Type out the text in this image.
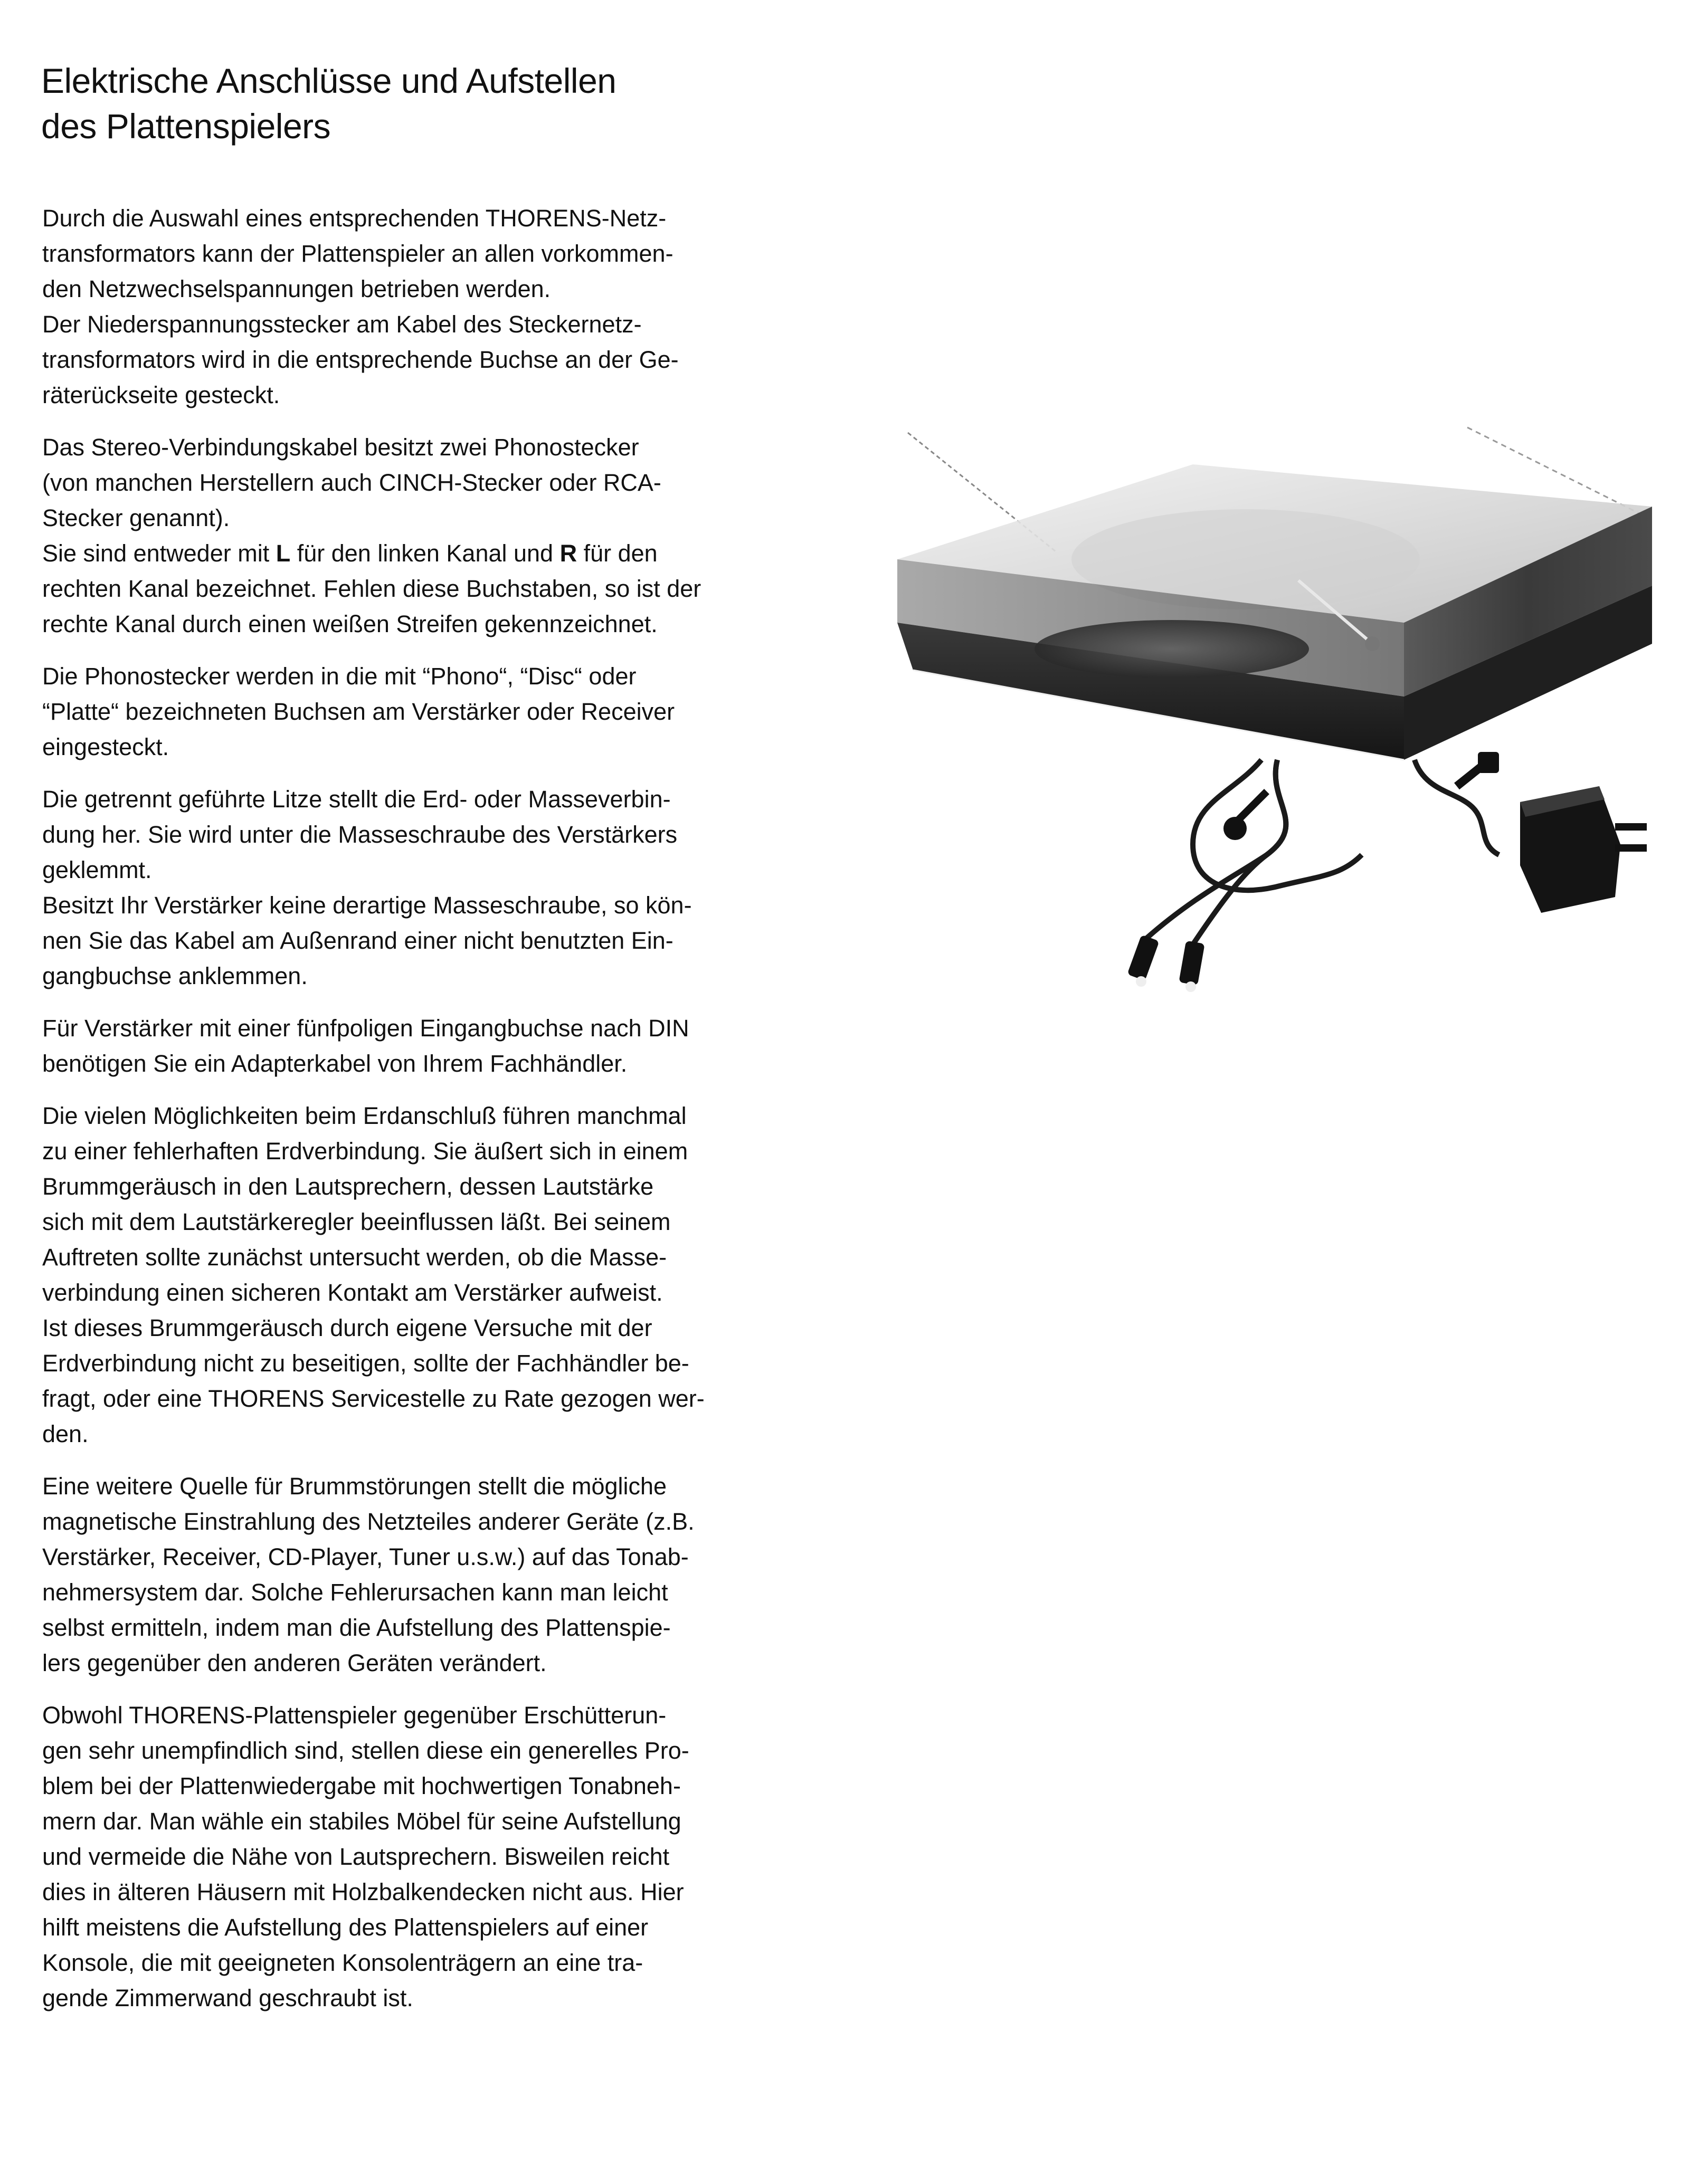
Elektrische Anschlüsse und Aufstellen
des Plattenspielers

Durch die Auswahl eines entsprechenden THORENS-Netz-
transformators kann der Plattenspieler an allen vorkommen-
den Netzwechselspannungen betrieben werden.
Der Niederspannungsstecker am Kabel des Steckernetz-
transformators wird in die entsprechende Buchse an der Ge-
räterückseite gesteckt.

Das Stereo-Verbindungskabel besitzt zwei Phonostecker
(von manchen Herstellern auch CINCH-Stecker oder RCA-
Stecker genannt).
Sie sind entweder mit L für den linken Kanal und R für den
rechten Kanal bezeichnet. Fehlen diese Buchstaben, so ist der
rechte Kanal durch einen weißen Streifen gekennzeichnet.

Die Phonostecker werden in die mit “Phono“, “Disc“ oder
“Platte“ bezeichneten Buchsen am Verstärker oder Receiver
eingesteckt.

Die getrennt geführte Litze stellt die Erd- oder Masseverbin-
dung her. Sie wird unter die Masseschraube des Verstärkers
geklemmt.
Besitzt Ihr Verstärker keine derartige Masseschraube, so kön-
nen Sie das Kabel am Außenrand einer nicht benutzten Ein-
gangbuchse anklemmen.

Für Verstärker mit einer fünfpoligen Eingangbuchse nach DIN
benötigen Sie ein Adapterkabel von Ihrem Fachhändler.

Die vielen Möglichkeiten beim Erdanschluß führen manchmal
zu einer fehlerhaften Erdverbindung. Sie äußert sich in einem
Brummgeräusch in den Lautsprechern, dessen Lautstärke
sich mit dem Lautstärkeregler beeinflussen läßt. Bei seinem
Auftreten sollte zunächst untersucht werden, ob die Masse-
verbindung einen sicheren Kontakt am Verstärker aufweist.
Ist dieses Brummgeräusch durch eigene Versuche mit der
Erdverbindung nicht zu beseitigen, sollte der Fachhändler be-
fragt, oder eine THORENS Servicestelle zu Rate gezogen wer-
den.

Eine weitere Quelle für Brummstörungen stellt die mögliche
magnetische Einstrahlung des Netzteiles anderer Geräte (z.B.
Verstärker, Receiver, CD-Player, Tuner u.s.w.) auf das Tonab-
nehmersystem dar. Solche Fehlerursachen kann man leicht
selbst ermitteln, indem man die Aufstellung des Plattenspie-
lers gegenüber den anderen Geräten verändert.

Obwohl THORENS-Plattenspieler gegenüber Erschütterun-
gen sehr unempfindlich sind, stellen diese ein generelles Pro-
blem bei der Plattenwiedergabe mit hochwertigen Tonabneh-
mern dar. Man wähle ein stabiles Möbel für seine Aufstellung
und vermeide die Nähe von Lautsprechern. Bisweilen reicht
dies in älteren Häusern mit Holzbalkendecken nicht aus. Hier
hilft meistens die Aufstellung des Plattenspielers auf einer
Konsole, die mit geeigneten Konsolenträgern an eine tra-
gende Zimmerwand geschraubt ist.
